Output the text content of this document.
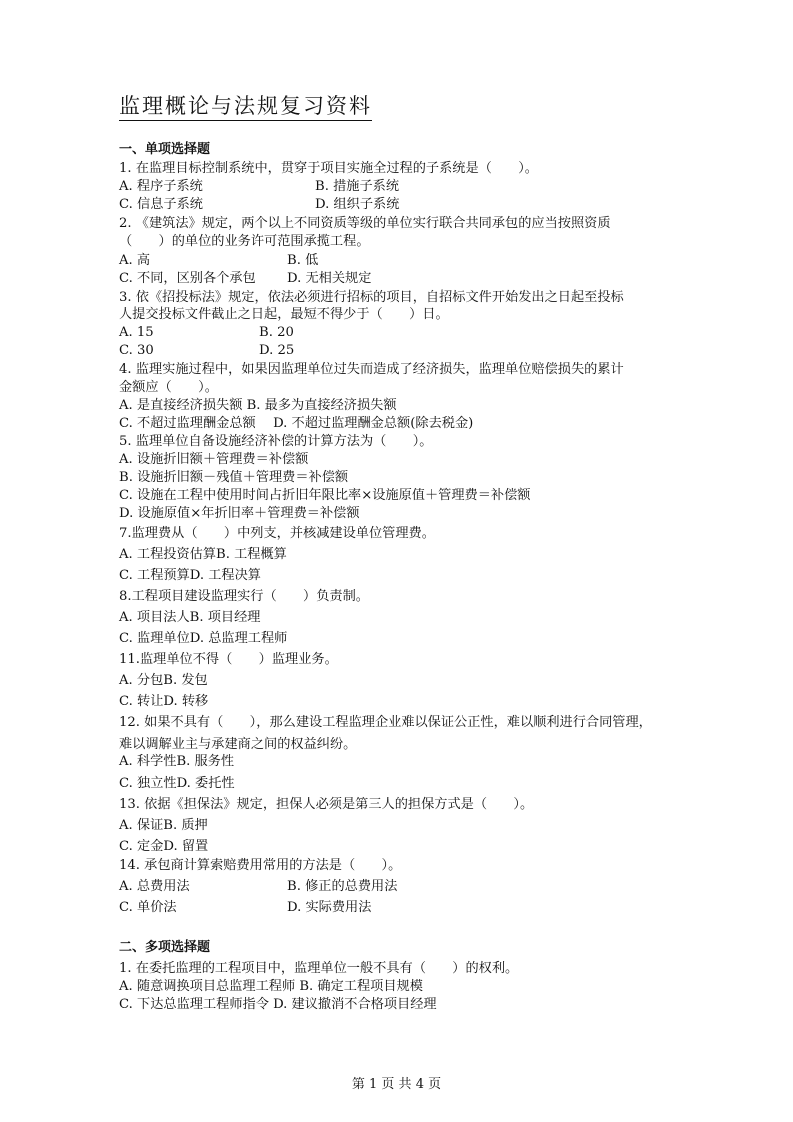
监理概论与法规复习资料
一、单项选择题
1. 在监理目标控制系统中，贯穿于项目实施全过程的子系统是（　　）。
A. 程序子系统	B. 措施子系统
C. 信息子系统	D. 组织子系统
2. 《建筑法》规定，两个以上不同资质等级的单位实行联合共同承包的应当按照资质
（　　）的单位的业务许可范围承揽工程。
A. 高	B. 低
C. 不同，区别各个承包 D. 无相关规定
3. 依《招投标法》规定，依法必须进行招标的项目，自招标文件开始发出之日起至投标
人提交投标文件截止之日起，最短不得少于（　　）日。
A. 15	B. 20
C. 30	D. 25
4. 监理实施过程中，如果因监理单位过失而造成了经济损失，监理单位赔偿损失的累计
金额应（　　）。
A. 是直接经济损失额 B. 最多为直接经济损失额
C. 不超过监理酬金总额　 D. 不超过监理酬金总额(除去税金)
5. 监理单位自备设施经济补偿的计算方法为（　　）。
A. 设施折旧额＋管理费＝补偿额
B. 设施折旧额－残值＋管理费＝补偿额
C. 设施在工程中使用时间占折旧年限比率×设施原值＋管理费＝补偿额
D. 设施原值×年折旧率＋管理费＝补偿额
7.监理费从（　　）中列支，并核减建设单位管理费。
A. 工程投资估算B. 工程概算
C. 工程预算D. 工程决算
8.工程项目建设监理实行（　　）负责制。
A. 项目法人B. 项目经理
C. 监理单位D. 总监理工程师
11.监理单位不得（　　）监理业务。
A. 分包B. 发包
C. 转让D. 转移
12. 如果不具有（　　），那么建设工程监理企业难以保证公正性，难以顺利进行合同管理，
难以调解业主与承建商之间的权益纠纷。
A. 科学性B. 服务性
C. 独立性D. 委托性
13. 依据《担保法》规定，担保人必须是第三人的担保方式是（　　）。
A. 保证B. 质押
C. 定金D. 留置
14. 承包商计算索赔费用常用的方法是（　　）。
A. 总费用法	B. 修正的总费用法
C. 单价法	D. 实际费用法
二、多项选择题
1. 在委托监理的工程项目中，监理单位一般不具有（　　）的权利。
A. 随意调换项目总监理工程师 B. 确定工程项目规模
C. 下达总监理工程师指令 D. 建议撤消不合格项目经理
第 1 页 共 4 页
